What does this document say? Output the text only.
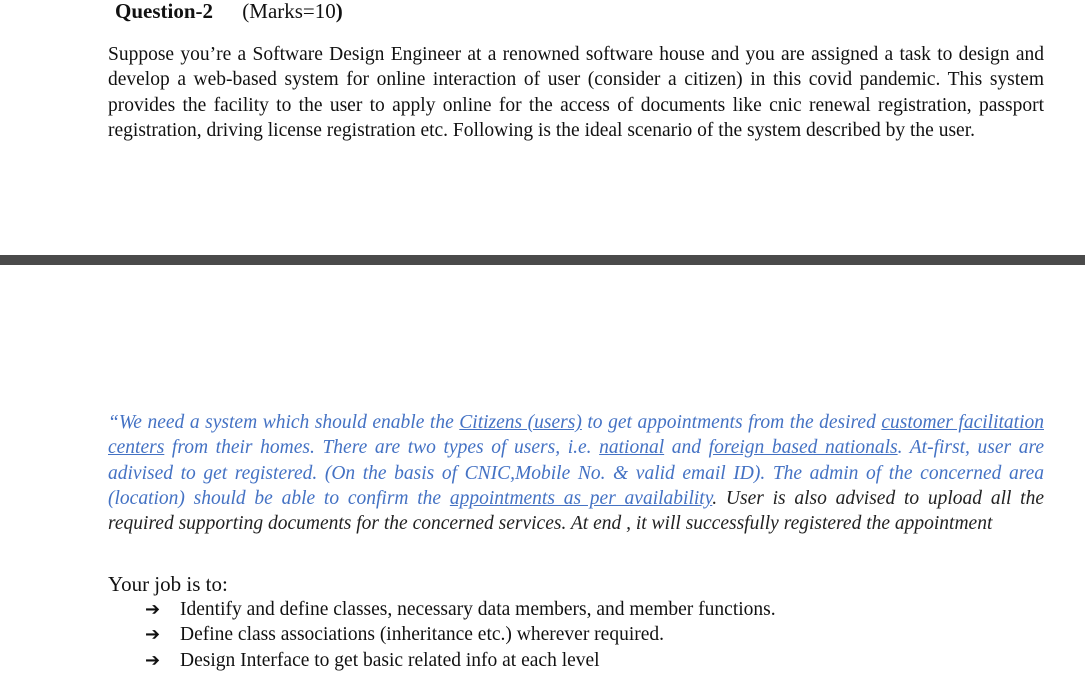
Question-2 (Marks=10)

Suppose you’re a Software Design Engineer at a renowned software house and you are assigned a task to design and develop a web-based system for online interaction of user (consider a citizen) in this covid pandemic. This system provides the facility to the user to apply online for the access of documents like cnic renewal registration, passport registration, driving license registration etc. Following is the ideal scenario of the system described by the user.

“We need a system which should enable the Citizens (users) to get appointments from the desired customer facilitation centers from their homes. There are two types of users, i.e. national and foreign based nationals. At-first, user are adivised to get registered. (On the basis of CNIC,Mobile No. & valid email ID). The admin of the concerned area (location) should be able to confirm the appointments as per availability. User is also advised to upload all the required supporting documents for the concerned services. At end , it will successfully registered the appointment

Your job is to:

➔	Identify and define classes, necessary data members, and member functions.
➔	Define class associations (inheritance etc.) wherever required.
➔	Design Interface to get basic related info at each level
